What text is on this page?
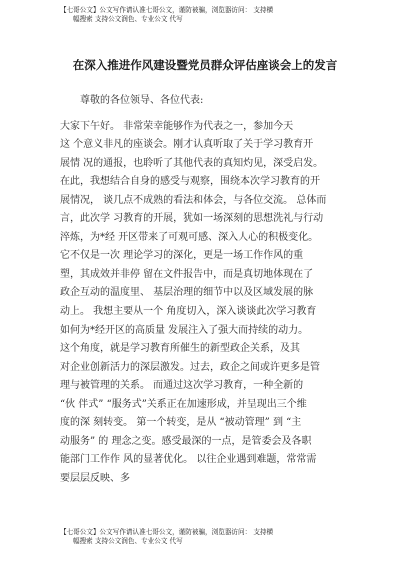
【七哥公文】公文写作请认准七哥公文，谨防被骗，浏览器访问： 支持横
幅搜索 支持公文润色、专业公文 代写
在深入推进作风建设暨党员群众评估座谈会上的发言

尊敬的各位领导、各位代表:

大家下午好。 非常荣幸能够作为代表之一，参加今天
这 个意义非凡的座谈会。刚才认真听取了关于学习教育开
展情 况的通报，也聆听了其他代表的真知灼见，深受启发。
在此，我想结合自身的感受与观察，围绕本次学习教育的开
展情况， 谈几点不成熟的看法和体会，与各位交流。 总体而
言，此次学 习教育的开展，犹如一场深刻的思想洗礼与行动
淬炼，为*经 开区带来了可观可感、深入人心的积极变化。
它不仅是一次 理论学习的深化，更是一场工作作风的重
塑，其成效并非停 留在文件报告中，而是真切地体现在了
政企互动的温度里、 基层治理的细节中以及区域发展的脉
动上。 我想主要从一个 角度切入，深入谈谈此次学习教育
如何为*经开区的高质量 发展注入了强大而持续的动力。

这个角度，就是学习教育所催生的新型政企关系，及其
对企业创新活力的深层激发。过去，政企之间或许更多是管
理与被管理的关系。 而通过这次学习教育，一种全新的
“伙 伴式” “服务式”关系正在加速形成，并呈现出三个维
度的深 刻转变。 第一个转变，是从 “被动管理” 到 “主
动服务” 的 理念之变。感受最深的一点，是管委会及各职
能部门工作作 风的显著优化。 以往企业遇到难题，常常需
要层层反映、多

【七哥公文】公文写作请认准七哥公文，谨防被骗，浏览器访问： 支持横
幅搜索 支持公文润色、专业公文 代写
